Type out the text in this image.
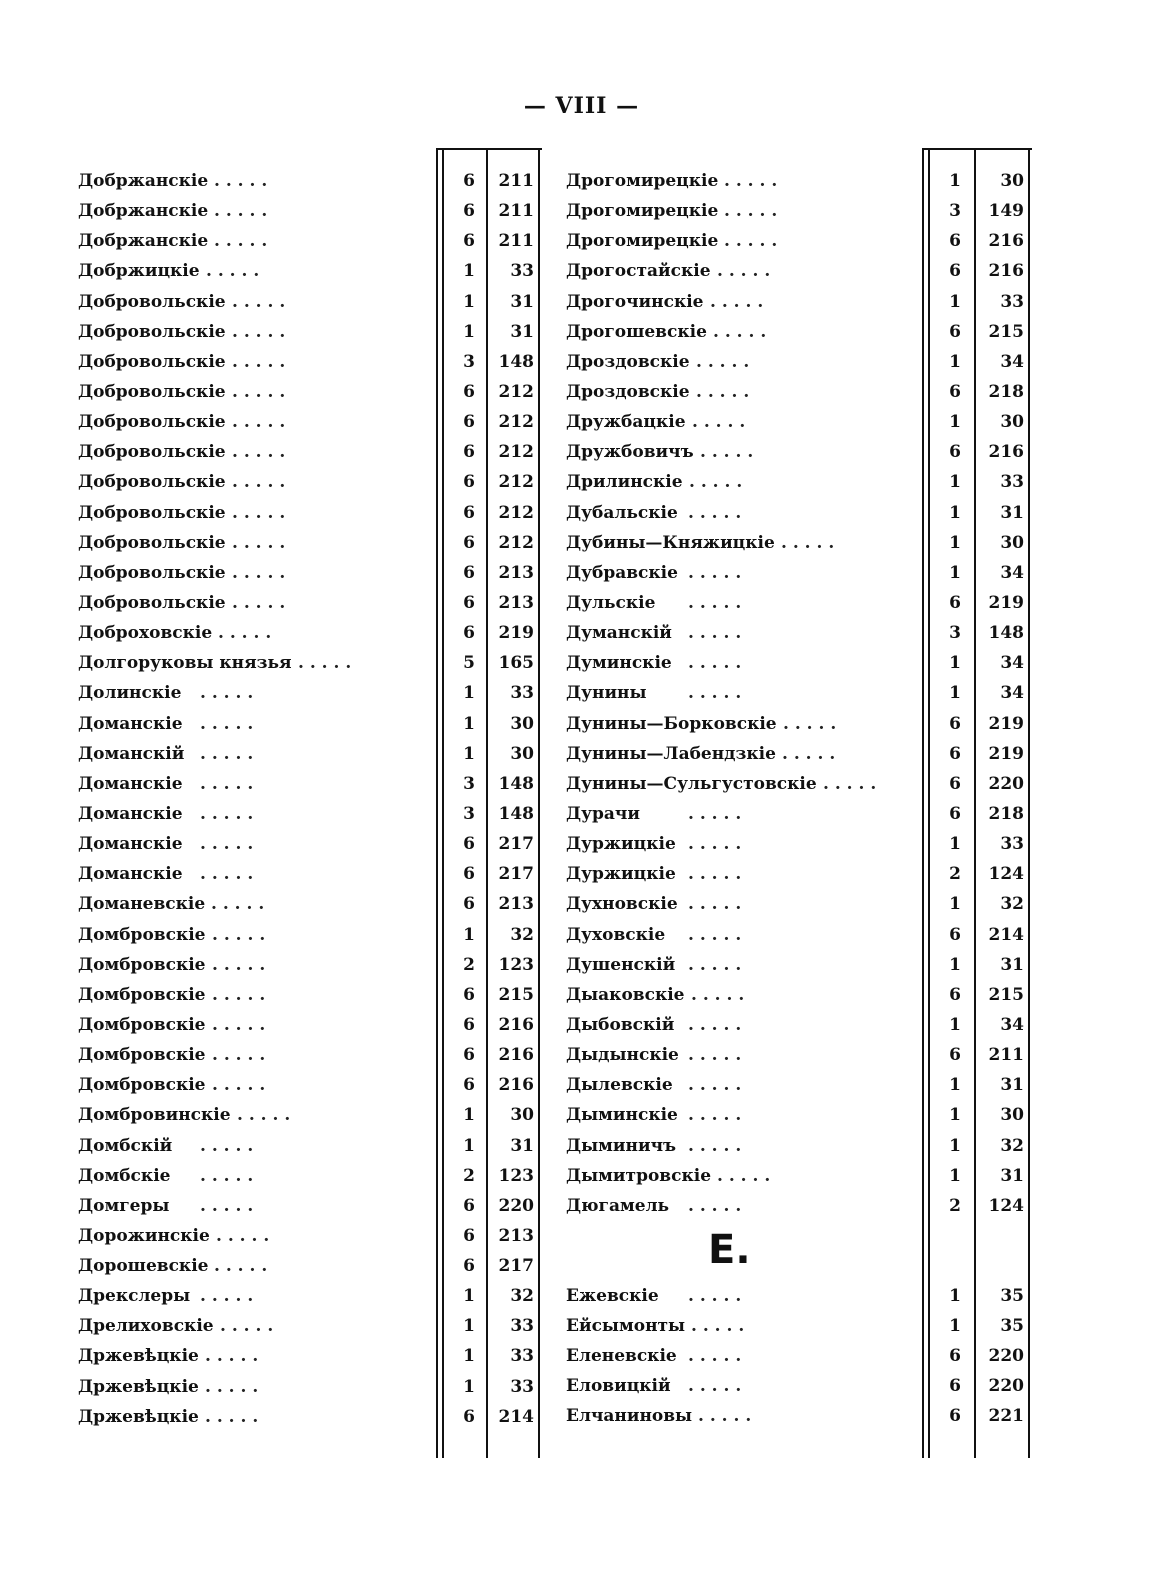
— VIII —
Добржанскіе . . . . .	6	211
Добржанскіе . . . . .	6	211
Добржанскіе . . . . .	6	211
Добржицкіе . . . . .	1	33
Добровольскіе . . . . .	1	31
Добровольскіе . . . . .	1	31
Добровольскіе . . . . .	3	148
Добровольскіе . . . . .	6	212
Добровольскіе . . . . .	6	212
Добровольскіе . . . . .	6	212
Добровольскіе . . . . .	6	212
Добровольскіе . . . . .	6	212
Добровольскіе . . . . .	6	212
Добровольскіе . . . . .	6	213
Добровольскіе . . . . .	6	213
Доброховскіе . . . . .	6	219
Долгоруковы князья . . . . .	5	165
Долинскіе . . . . .	1	33
Доманскіе . . . . .	1	30
Доманскій . . . . .	1	30
Доманскіе . . . . .	3	148
Доманскіе . . . . .	3	148
Доманскіе . . . . .	6	217
Доманскіе . . . . .	6	217
Доманевскіе . . . . .	6	213
Домбровскіе . . . . .	1	32
Домбровскіе . . . . .	2	123
Домбровскіе . . . . .	6	215
Домбровскіе . . . . .	6	216
Домбровскіе . . . . .	6	216
Домбровскіе . . . . .	6	216
Домбровинскіе . . . . .	1	30
Домбскій . . . . .	1	31
Домбскіе . . . . .	2	123
Домгеры . . . . .	6	220
Дорожинскіе . . . . .	6	213
Дорошевскіе . . . . .	6	217
Дрекслеры . . . . .	1	32
Дрелиховскіе . . . . .	1	33
Држевѣцкіе . . . . .	1	33
Држевѣцкіе . . . . .	1	33
Држевѣцкіе . . . . .	6	214
Дрогомирецкіе . . . . .	1	30
Дрогомирецкіе . . . . .	3	149
Дрогомирецкіе . . . . .	6	216
Дрогостайскіе . . . . .	6	216
Дрогочинскіе . . . . .	1	33
Дрогошевскіе . . . . .	6	215
Дроздовскіе . . . . .	1	34
Дроздовскіе . . . . .	6	218
Дружбацкіе . . . . .	1	30
Дружбовичъ . . . . .	6	216
Дрилинскіе . . . . .	1	33
Дубальскіе . . . . .	1	31
Дубины—Княжицкіе . . . . .	1	30
Дубравскіе . . . . .	1	34
Дульскіе . . . . .	6	219
Думанскій . . . . .	3	148
Думинскіе . . . . .	1	34
Дунины . . . . .	1	34
Дунины—Борковскіе . . . . .	6	219
Дунины—Лабендзкіе . . . . .	6	219
Дунины—Сульгустовскіе . . . . .	6	220
Дурачи	. . . . .	6	218
Дуржицкіе . . . . .	1	33
Дуржицкіе . . . . .	2	124
Духновскіе . . . . .	1	32
Духовскіе . . . . .	6	214
Душенскій . . . . .	1	31
Дыаковскіе . . . . .	6	215
Дыбовскій . . . . .	1	34
Дыдынскіе . . . . .	6	211
Дылевскіе . . . . .	1	31
Дыминскіе . . . . .	1	30
Дыминичъ . . . . .	1	32
Дымитровскіе . . . . .	1	31
Дюгамель . . . . .	2	124
Е.
Ежевскіе . . . . .	1	35
Ейсымонты . . . . .	1	35
Еленевскіе . . . . .	6	220
Еловицкій . . . . .	6	220
Елчаниновы . . . . .	6	221
